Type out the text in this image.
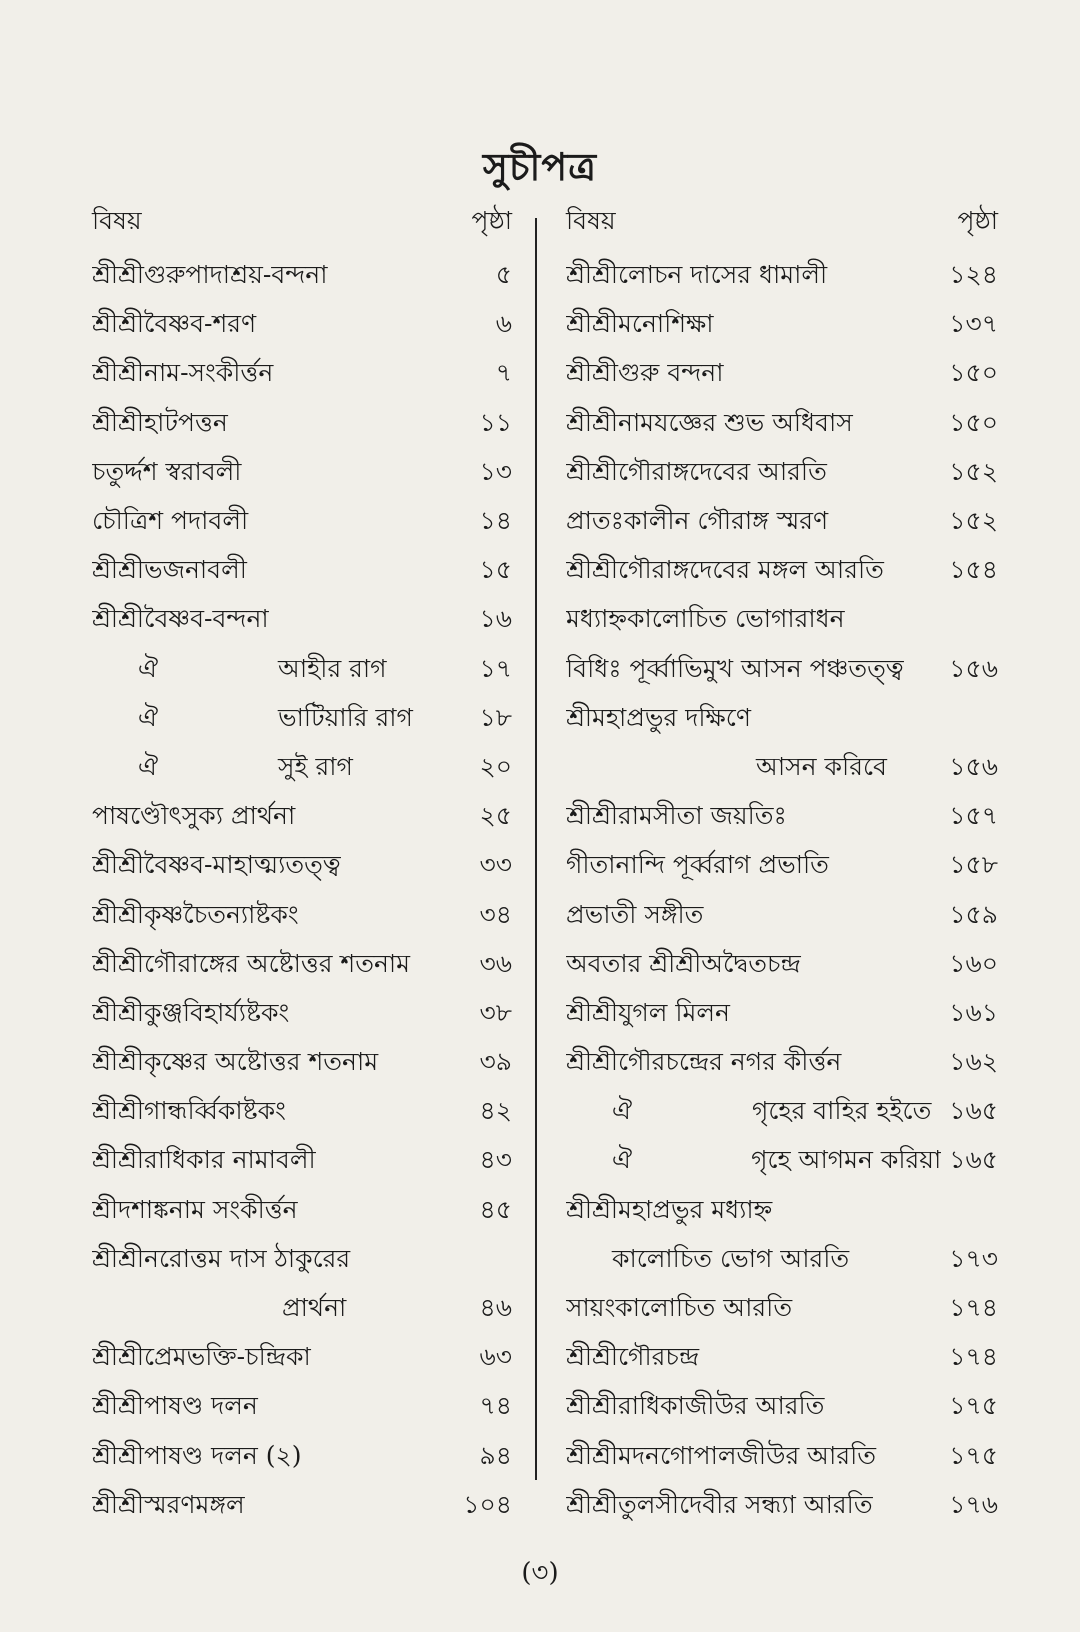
সুচীপত্র
বিষয়	পৃষ্ঠা
শ্রীশ্রীগুরুপাদাশ্রয়-বন্দনা	৫
শ্রীশ্রীবৈষ্ণব-শরণ	৬
শ্রীশ্রীনাম-সংকীর্ত্তন	৭
শ্রীশ্রীহাটপত্তন	১১
চতুর্দ্দশ স্বরাবলী	১৩
চৌত্রিশ পদাবলী	১৪
শ্রীশ্রীভজনাবলী	১৫
শ্রীশ্রীবৈষ্ণব-বন্দনা	১৬
ঐ	আহীর রাগ	১৭
ঐ	ভাটিয়ারি রাগ	১৮
ঐ	সুই রাগ	২০
পাষণ্ডৌৎসুক্য প্রার্থনা	২৫
শ্রীশ্রীবৈষ্ণব-মাহাত্ম্যতত্ত্ব	৩৩
শ্রীশ্রীকৃষ্ণচৈতন্যাষ্টকং	৩৪
শ্রীশ্রীগৌরাঙ্গের অষ্টোত্তর শতনাম	৩৬
শ্রীশ্রীকুঞ্জবিহার্য্যষ্টকং	৩৮
শ্রীশ্রীকৃষ্ণের অষ্টোত্তর শতনাম	৩৯
শ্রীশ্রীগান্ধর্ব্বিকাষ্টকং	৪২
শ্রীশ্রীরাধিকার নামাবলী	৪৩
শ্রীদশাঙ্কনাম সংকীর্ত্তন	৪৫
শ্রীশ্রীনরোত্তম দাস ঠাকুরের
প্রার্থনা	৪৬
শ্রীশ্রীপ্রেমভক্তি-চন্দ্রিকা	৬৩
শ্রীশ্রীপাষণ্ড দলন	৭৪
শ্রীশ্রীপাষণ্ড দলন (২)	৯৪
শ্রীশ্রীস্মরণমঙ্গল	১০৪
বিষয়	পৃষ্ঠা
শ্রীশ্রীলোচন দাসের ধামালী	১২৪
শ্রীশ্রীমনোশিক্ষা	১৩৭
শ্রীশ্রীগুরু বন্দনা	১৫০
শ্রীশ্রীনামযজ্ঞের শুভ অধিবাস	১৫০
শ্রীশ্রীগৌরাঙ্গদেবের আরতি	১৫২
প্রাতঃকালীন গৌরাঙ্গ স্মরণ	১৫২
শ্রীশ্রীগৌরাঙ্গদেবের মঙ্গল আরতি	১৫৪
মধ্যাহ্নকালোচিত ভোগারাধন
বিধিঃ পূর্ব্বাভিমুখ আসন পঞ্চতত্ত্ব	১৫৬
শ্রীমহাপ্রভুর দক্ষিণে
আসন করিবে	১৫৬
শ্রীশ্রীরামসীতা জয়তিঃ	১৫৭
গীতানান্দি পূর্ব্বরাগ প্রভাতি	১৫৮
প্রভাতী সঙ্গীত	১৫৯
অবতার শ্রীশ্রীঅদ্বৈতচন্দ্র	১৬০
শ্রীশ্রীযুগল মিলন	১৬১
শ্রীশ্রীগৌরচন্দ্রের নগর কীর্ত্তন	১৬২
ঐ	গৃহের বাহির হইতে ১৬৫
ঐ	গৃহে আগমন করিয়া ১৬৫
শ্রীশ্রীমহাপ্রভুর মধ্যাহ্ন
কালোচিত ভোগ আরতি	১৭৩
সায়ংকালোচিত আরতি	১৭৪
শ্রীশ্রীগৌরচন্দ্র	১৭৪
শ্রীশ্রীরাধিকাজীউর আরতি	১৭৫
শ্রীশ্রীমদনগোপালজীউর আরতি	১৭৫
শ্রীশ্রীতুলসীদেবীর সন্ধ্যা আরতি	১৭৬
(৩)
